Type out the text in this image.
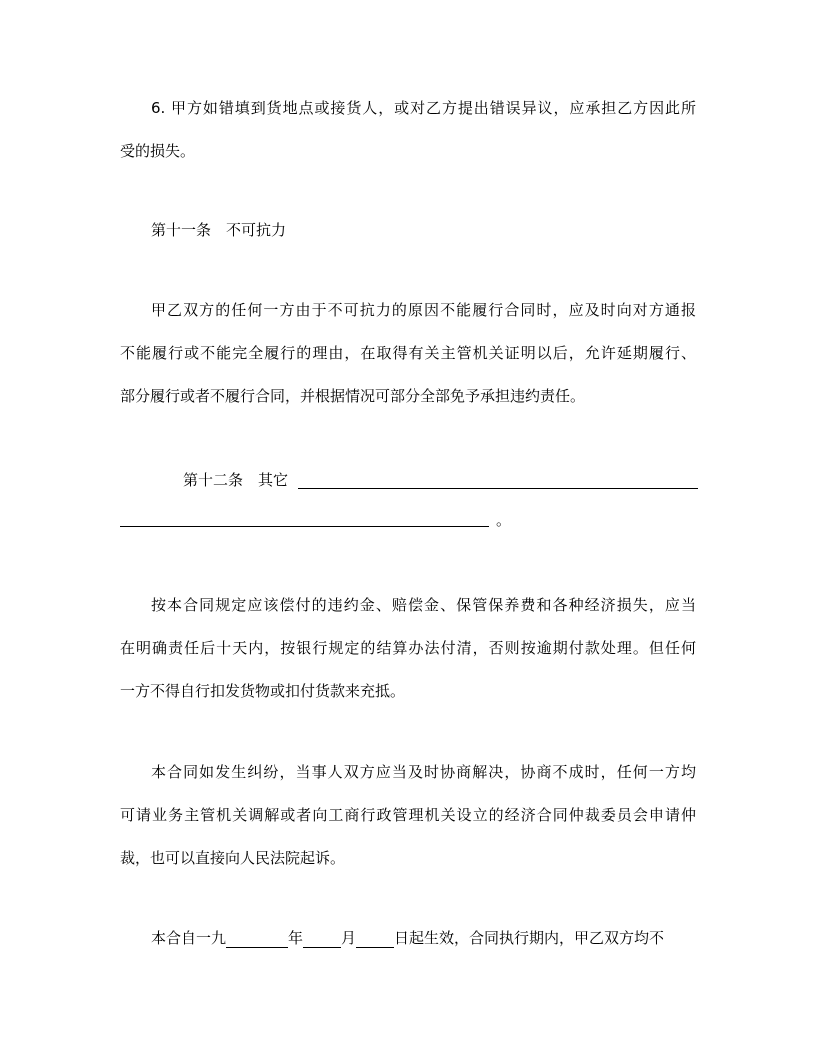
6. 甲方如错填到货地点或接货人，或对乙方提出错误异议，应承担乙方因此所
受的损失。
第十一条　不可抗力
甲乙双方的任何一方由于不可抗力的原因不能履行合同时，应及时向对方通报
不能履行或不能完全履行的理由，在取得有关主管机关证明以后，允许延期履行、
部分履行或者不履行合同，并根据情况可部分全部免予承担违约责任。
第十二条　其它
。
按本合同规定应该偿付的违约金、赔偿金、保管保养费和各种经济损失，应当
在明确责任后十天内，按银行规定的结算办法付清，否则按逾期付款处理。但任何
一方不得自行扣发货物或扣付货款来充抵。
本合同如发生纠纷，当事人双方应当及时协商解决，协商不成时，任何一方均
可请业务主管机关调解或者向工商行政管理机关设立的经济合同仲裁委员会申请仲
裁，也可以直接向人民法院起诉。
本合自一九	年	月	日起生效，合同执行期内，甲乙双方均不
